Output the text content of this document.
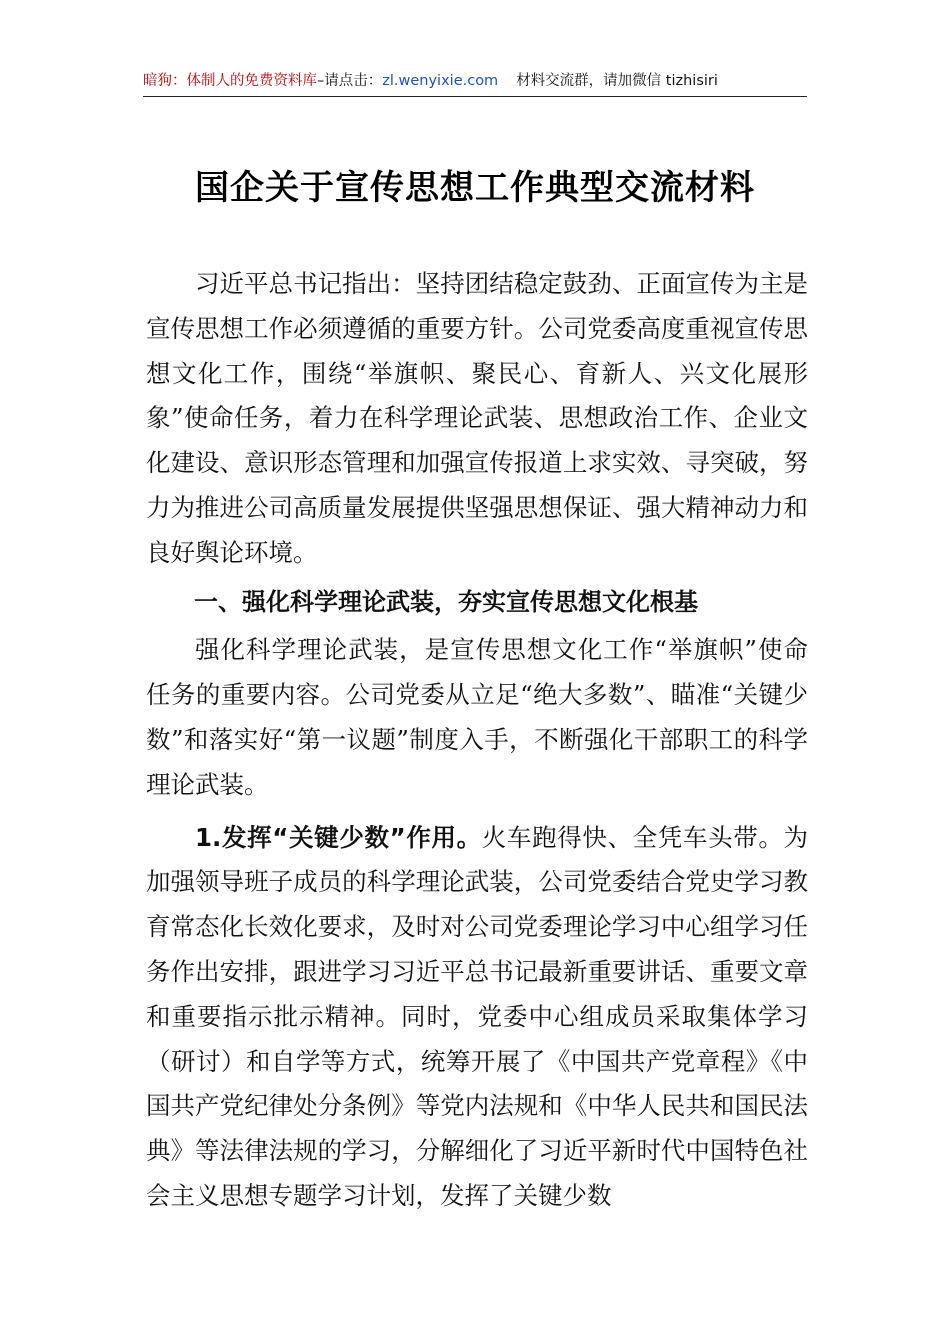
暗狗：体制人的免费资料库–请点击：zl.wenyixie.com 材料交流群，请加微信 tizhisiri
国企关于宣传思想工作典型交流材料

习近平总书记指出：坚持团结稳定鼓劲、正面宣传为主是宣传思想工作必须遵循的重要方针。公司党委高度重视宣传思想文化工作，围绕“举旗帜、聚民心、育新人、兴文化展形象”使命任务，着力在科学理论武装、思想政治工作、企业文化建设、意识形态管理和加强宣传报道上求实效、寻突破，努力为推进公司高质量发展提供坚强思想保证、强大精神动力和良好舆论环境。

一、强化科学理论武装，夯实宣传思想文化根基

强化科学理论武装，是宣传思想文化工作“举旗帜”使命任务的重要内容。公司党委从立足“绝大多数”、瞄准“关键少数”和落实好“第一议题”制度入手，不断强化干部职工的科学理论武装。

1.发挥“关键少数”作用。火车跑得快、全凭车头带。为加强领导班子成员的科学理论武装，公司党委结合党史学习教育常态化长效化要求，及时对公司党委理论学习中心组学习任务作出安排，跟进学习习近平总书记最新重要讲话、重要文章和重要指示批示精神。同时，党委中心组成员采取集体学习（研讨）和自学等方式，统筹开展了《中国共产党章程》《中国共产党纪律处分条例》等党内法规和《中华人民共和国民法典》等法律法规的学习，分解细化了习近平新时代中国特色社会主义思想专题学习计划，发挥了关键少数
